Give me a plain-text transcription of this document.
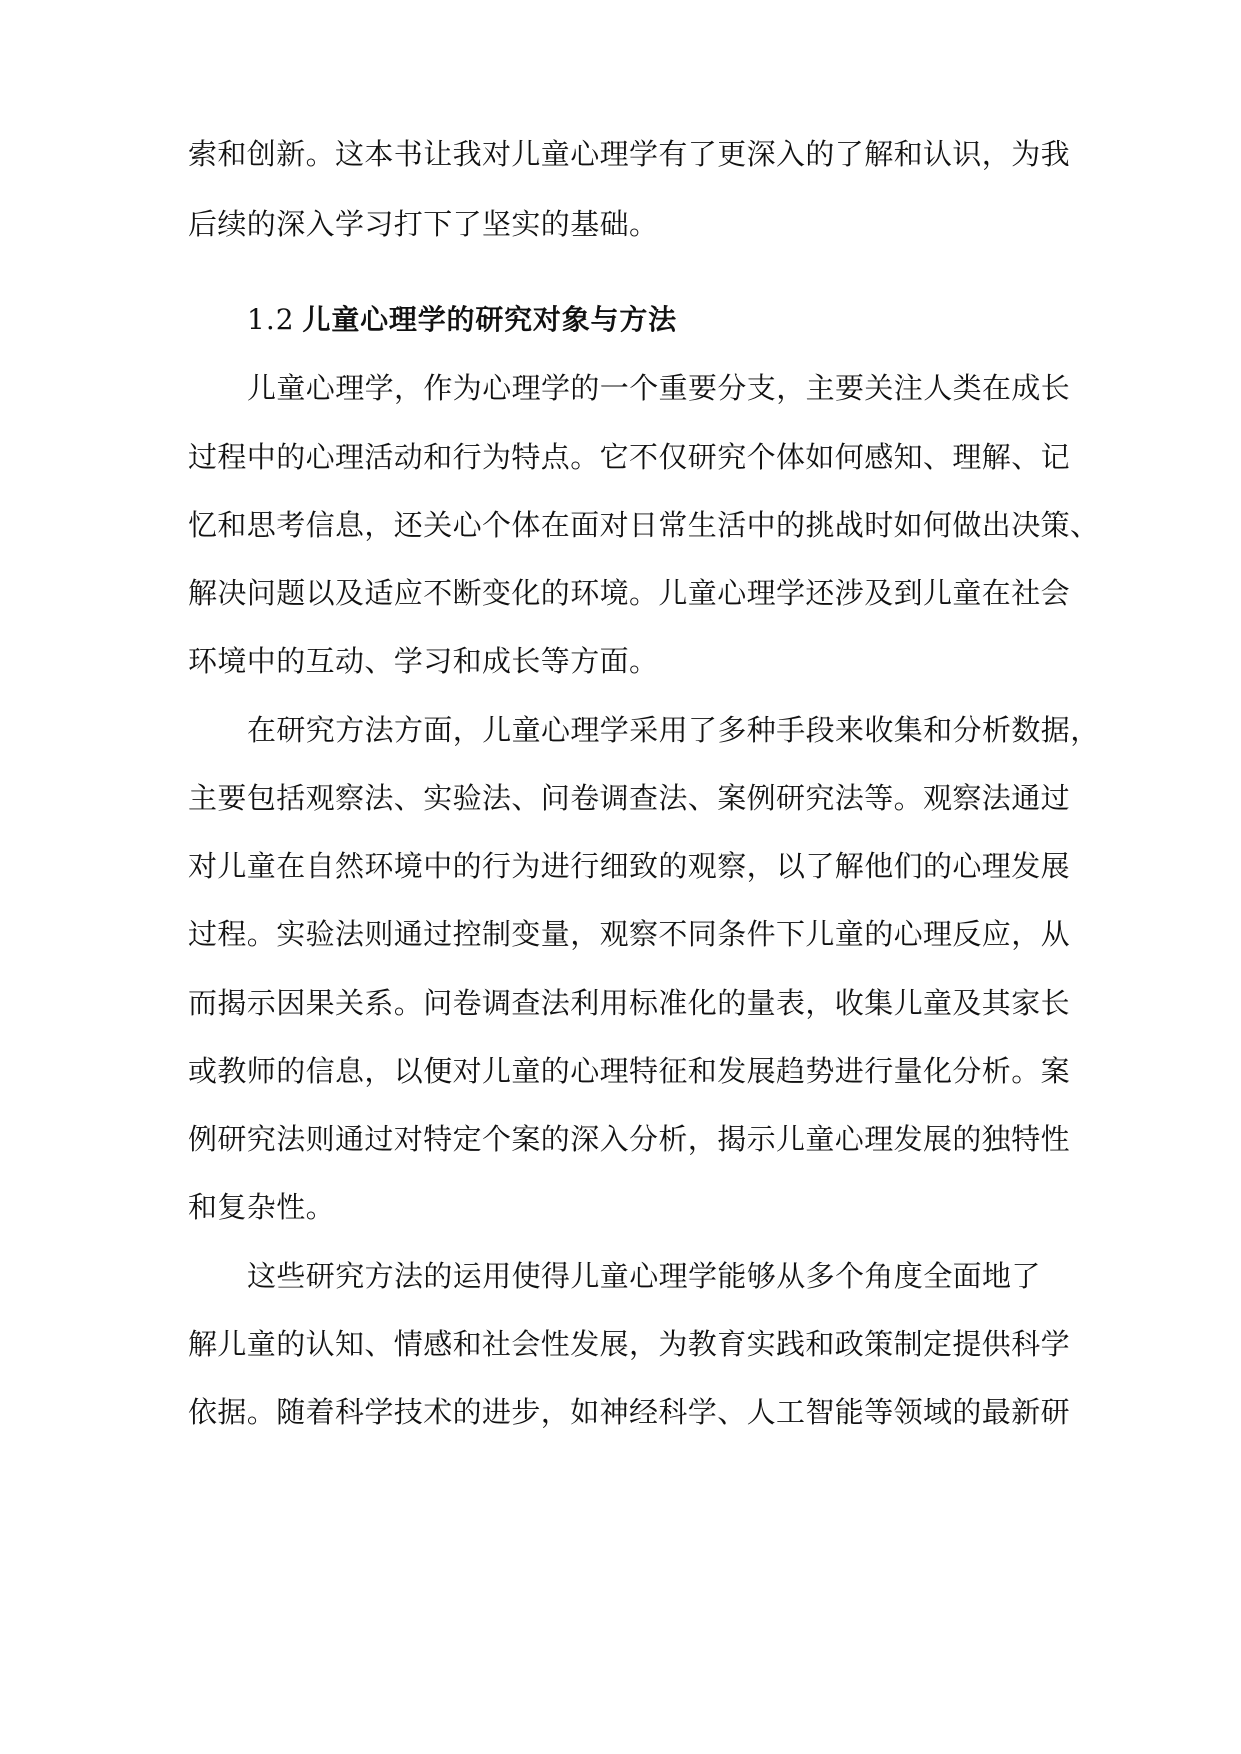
索和创新。这本书让我对儿童心理学有了更深入的了解和认识，为我
后续的深入学习打下了坚实的基础。
1.2 儿童心理学的研究对象与方法
儿童心理学，作为心理学的一个重要分支，主要关注人类在成长
过程中的心理活动和行为特点。它不仅研究个体如何感知、理解、记
忆和思考信息，还关心个体在面对日常生活中的挑战时如何做出决策、
解决问题以及适应不断变化的环境。儿童心理学还涉及到儿童在社会
环境中的互动、学习和成长等方面。
在研究方法方面，儿童心理学采用了多种手段来收集和分析数据，
主要包括观察法、实验法、问卷调查法、案例研究法等。观察法通过
对儿童在自然环境中的行为进行细致的观察，以了解他们的心理发展
过程。实验法则通过控制变量，观察不同条件下儿童的心理反应，从
而揭示因果关系。问卷调查法利用标准化的量表，收集儿童及其家长
或教师的信息，以便对儿童的心理特征和发展趋势进行量化分析。案
例研究法则通过对特定个案的深入分析，揭示儿童心理发展的独特性
和复杂性。
这些研究方法的运用使得儿童心理学能够从多个角度全面地了
解儿童的认知、情感和社会性发展，为教育实践和政策制定提供科学
依据。随着科学技术的进步，如神经科学、人工智能等领域的最新研
